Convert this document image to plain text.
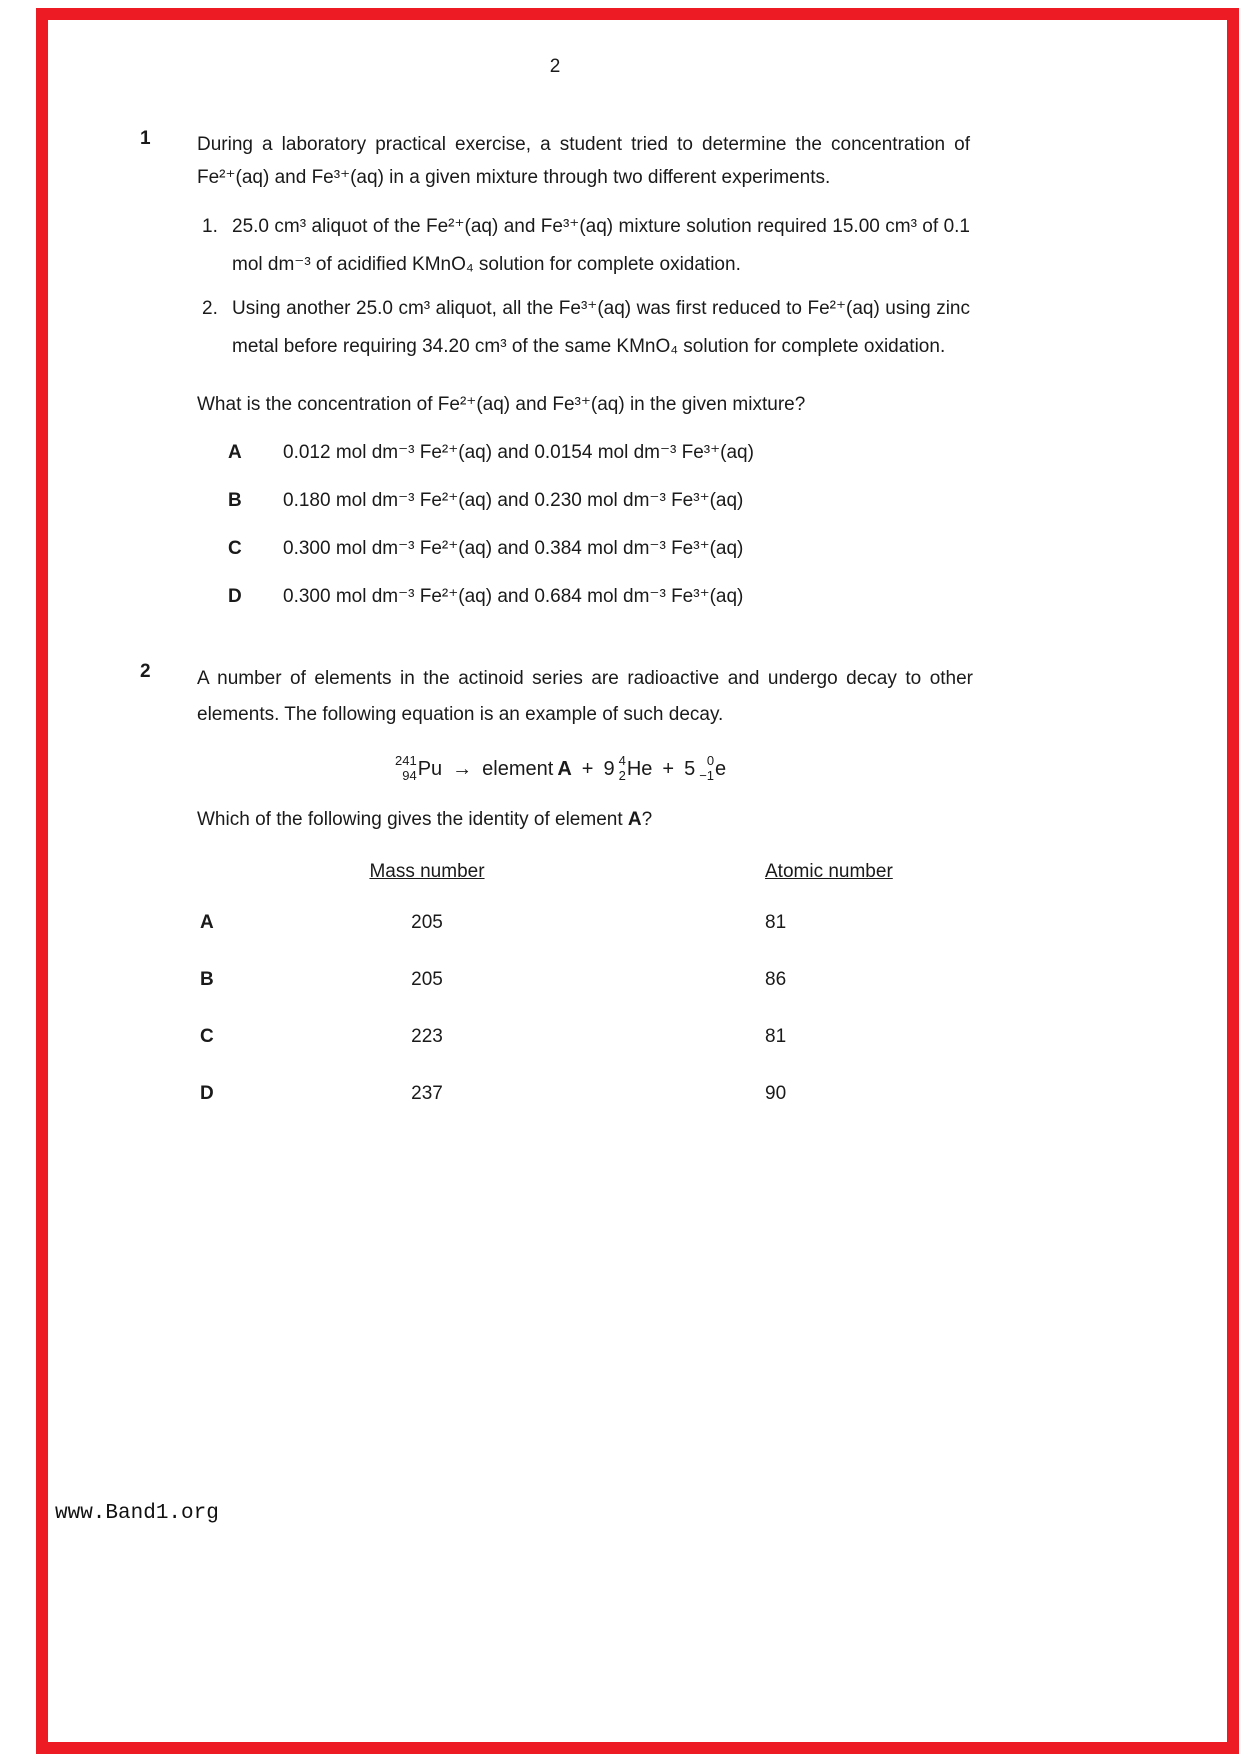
2
1	During a laboratory practical exercise, a student tried to determine the concentration of Fe²⁺(aq) and Fe³⁺(aq) in a given mixture through two different experiments.

1. 25.0 cm³ aliquot of the Fe²⁺(aq) and Fe³⁺(aq) mixture solution required 15.00 cm³ of 0.1 mol dm⁻³ of acidified KMnO₄ solution for complete oxidation.
2. Using another 25.0 cm³ aliquot, all the Fe³⁺(aq) was first reduced to Fe²⁺(aq) using zinc metal before requiring 34.20 cm³ of the same KMnO₄ solution for complete oxidation.

What is the concentration of Fe²⁺(aq) and Fe³⁺(aq) in the given mixture?

A	0.012 mol dm⁻³ Fe²⁺(aq) and 0.0154 mol dm⁻³ Fe³⁺(aq)
B	0.180 mol dm⁻³ Fe²⁺(aq) and 0.230 mol dm⁻³ Fe³⁺(aq)
C	0.300 mol dm⁻³ Fe²⁺(aq) and 0.384 mol dm⁻³ Fe³⁺(aq)
D	0.300 mol dm⁻³ Fe²⁺(aq) and 0.684 mol dm⁻³ Fe³⁺(aq)
2	A number of elements in the actinoid series are radioactive and undergo decay to other elements. The following equation is an example of such decay.

241
94 Pu → element A + 9 4
2 He + 5 0
−1 e

Which of the following gives the identity of element A?

Mass number	Atomic number
A	205	81
B	205	86
C	223	81
D	237	90
www.Band1.org
